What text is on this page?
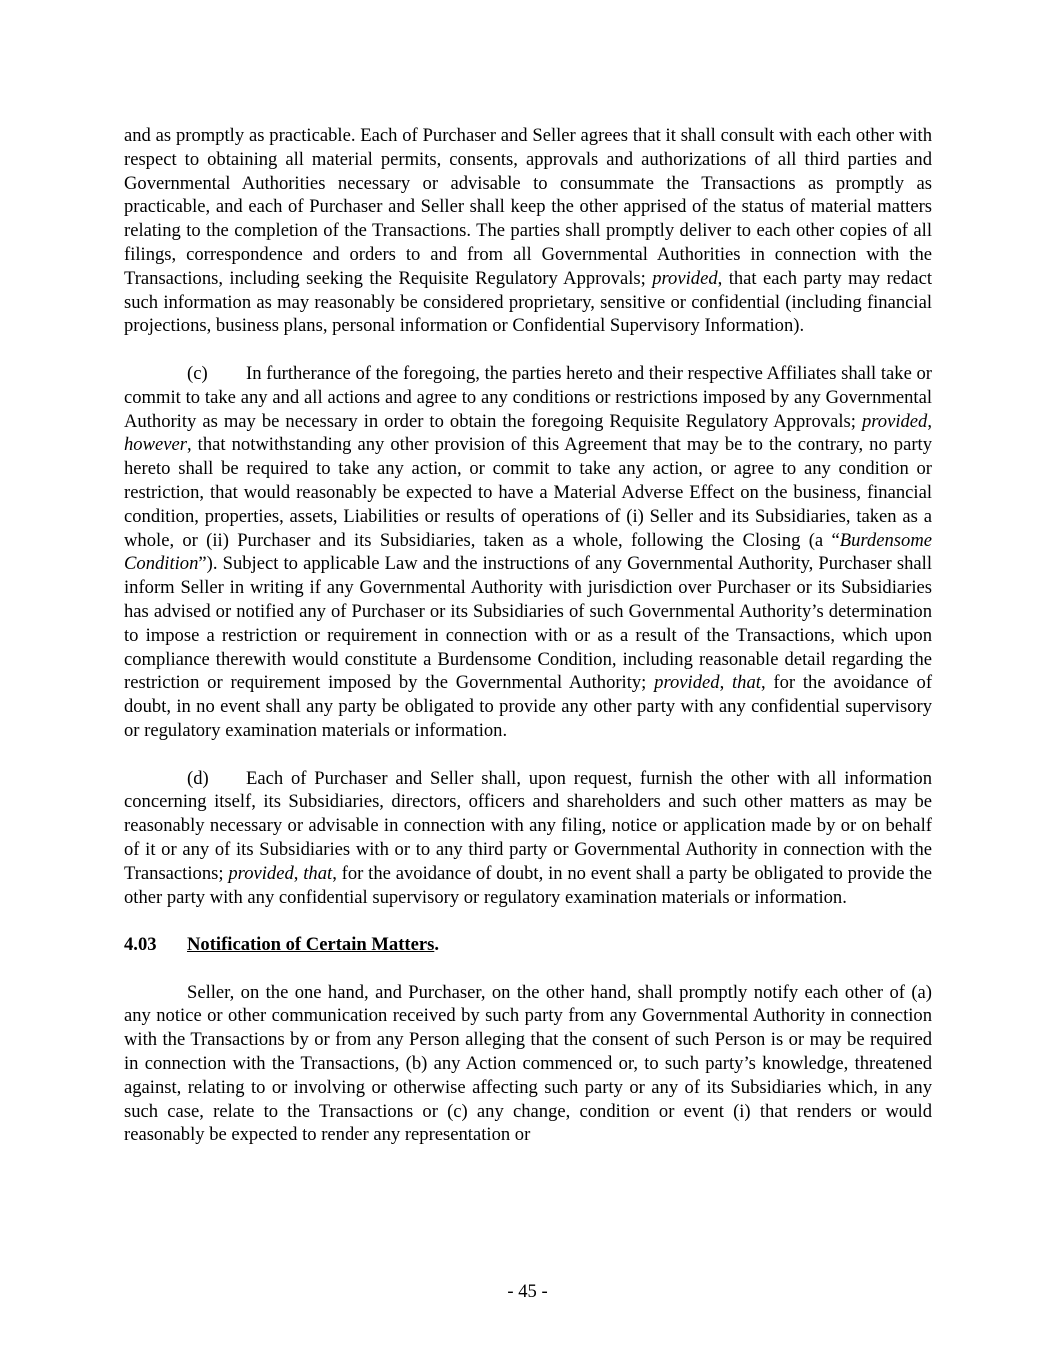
and as promptly as practicable. Each of Purchaser and Seller agrees that it shall consult with each other with respect to obtaining all material permits, consents, approvals and authorizations of all third parties and Governmental Authorities necessary or advisable to consummate the Transactions as promptly as practicable, and each of Purchaser and Seller shall keep the other apprised of the status of material matters relating to the completion of the Transactions. The parties shall promptly deliver to each other copies of all filings, correspondence and orders to and from all Governmental Authorities in connection with the Transactions, including seeking the Requisite Regulatory Approvals; provided, that each party may redact such information as may reasonably be considered proprietary, sensitive or confidential (including financial projections, business plans, personal information or Confidential Supervisory Information).

(c) In furtherance of the foregoing, the parties hereto and their respective Affiliates shall take or commit to take any and all actions and agree to any conditions or restrictions imposed by any Governmental Authority as may be necessary in order to obtain the foregoing Requisite Regulatory Approvals; provided, however, that notwithstanding any other provision of this Agreement that may be to the contrary, no party hereto shall be required to take any action, or commit to take any action, or agree to any condition or restriction, that would reasonably be expected to have a Material Adverse Effect on the business, financial condition, properties, assets, Liabilities or results of operations of (i) Seller and its Subsidiaries, taken as a whole, or (ii) Purchaser and its Subsidiaries, taken as a whole, following the Closing (a “Burdensome Condition”). Subject to applicable Law and the instructions of any Governmental Authority, Purchaser shall inform Seller in writing if any Governmental Authority with jurisdiction over Purchaser or its Subsidiaries has advised or notified any of Purchaser or its Subsidiaries of such Governmental Authority’s determination to impose a restriction or requirement in connection with or as a result of the Transactions, which upon compliance therewith would constitute a Burdensome Condition, including reasonable detail regarding the restriction or requirement imposed by the Governmental Authority; provided, that, for the avoidance of doubt, in no event shall any party be obligated to provide any other party with any confidential supervisory or regulatory examination materials or information.

(d) Each of Purchaser and Seller shall, upon request, furnish the other with all information concerning itself, its Subsidiaries, directors, officers and shareholders and such other matters as may be reasonably necessary or advisable in connection with any filing, notice or application made by or on behalf of it or any of its Subsidiaries with or to any third party or Governmental Authority in connection with the Transactions; provided, that, for the avoidance of doubt, in no event shall a party be obligated to provide the other party with any confidential supervisory or regulatory examination materials or information.

4.03 Notification of Certain Matters.

Seller, on the one hand, and Purchaser, on the other hand, shall promptly notify each other of (a) any notice or other communication received by such party from any Governmental Authority in connection with the Transactions by or from any Person alleging that the consent of such Person is or may be required in connection with the Transactions, (b) any Action commenced or, to such party’s knowledge, threatened against, relating to or involving or otherwise affecting such party or any of its Subsidiaries which, in any such case, relate to the Transactions or (c) any change, condition or event (i) that renders or would reasonably be expected to render any representation or

- 45 -
